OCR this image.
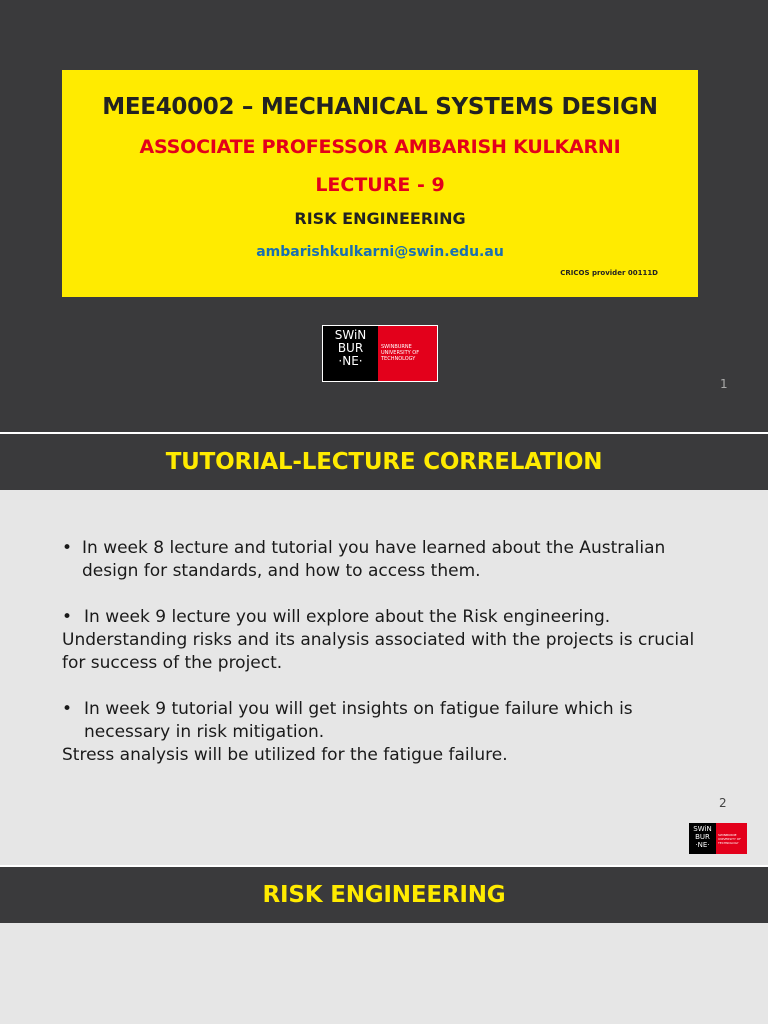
MEE40002 – MECHANICAL SYSTEMS DESIGN
ASSOCIATE PROFESSOR AMBARISH KULKARNI
LECTURE - 9
RISK ENGINEERING
ambarishkulkarni@swin.edu.au
CRICOS provider 00111D
SWiN
BUR
·NE·
SWINBURNE
UNIVERSITY OF
TECHNOLOGY
1
TUTORIAL-LECTURE CORRELATION
• In week 8 lecture and tutorial you have learned about the Australian design for standards, and how to access them.
• In week 9 lecture you will explore about the Risk engineering.
Understanding risks and its analysis associated with the projects is crucial for success of the project.
• In week 9 tutorial you will get insights on fatigue failure which is necessary in risk mitigation.
Stress analysis will be utilized for the fatigue failure.
2
SWiN
BUR
·NE·
SWINBURNE
UNIVERSITY OF
TECHNOLOGY
RISK ENGINEERING
